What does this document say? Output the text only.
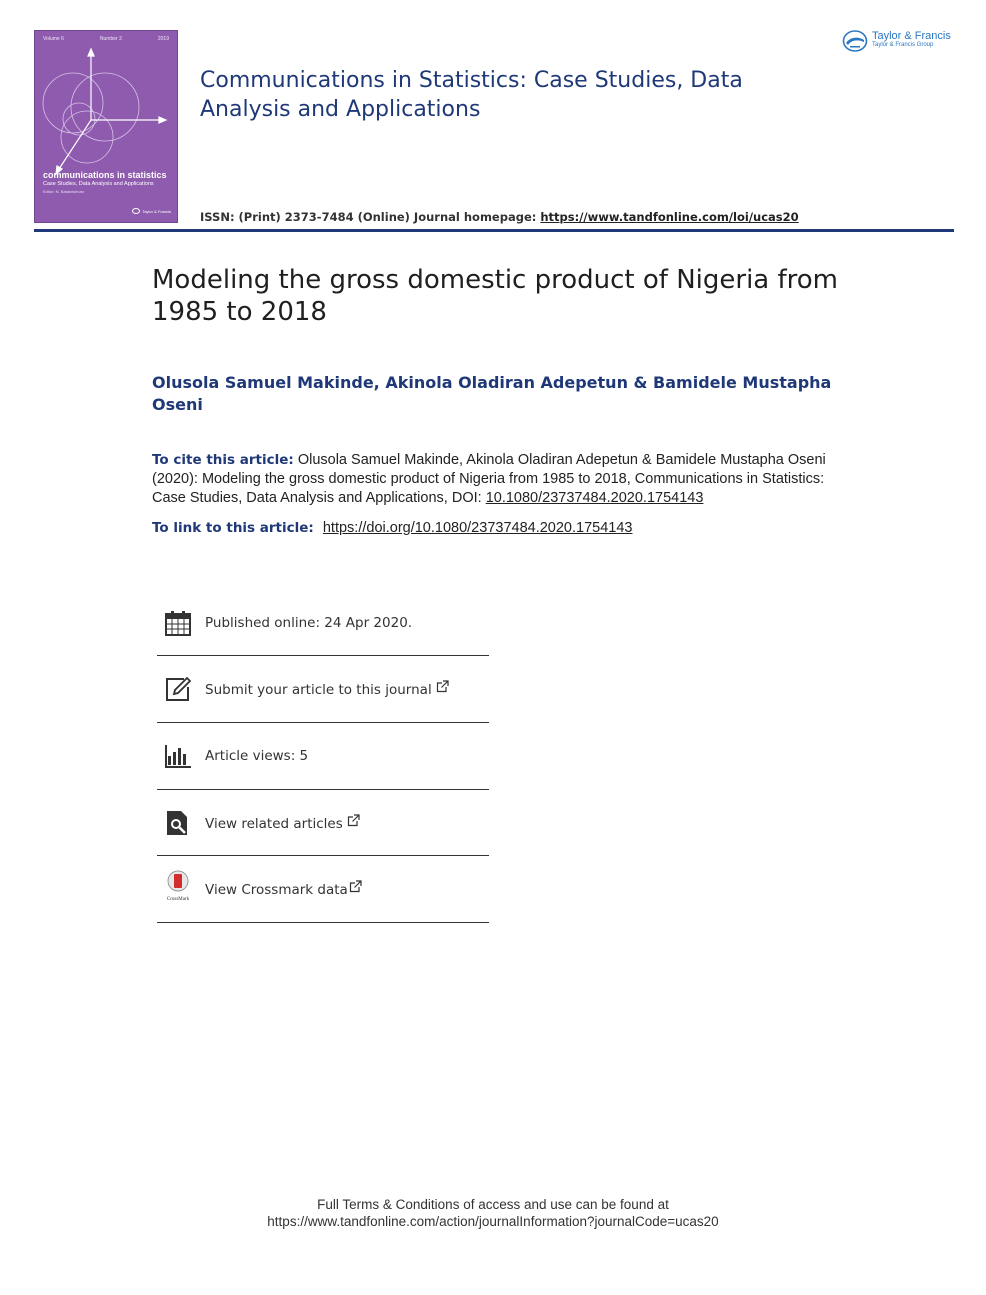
Volume 6	Number 2	2019
communications in statistics
Case Studies, Data Analysis and Applications
Editor: N. Balakrishnan
Taylor & Francis
Taylor & Francis
Taylor & Francis Group
Communications in Statistics: Case Studies, Data Analysis and Applications
ISSN: (Print) 2373-7484 (Online) Journal homepage: https://www.tandfonline.com/loi/ucas20
Modeling the gross domestic product of Nigeria from 1985 to 2018
Olusola Samuel Makinde, Akinola Oladiran Adepetun & Bamidele Mustapha Oseni
To cite this article: Olusola Samuel Makinde, Akinola Oladiran Adepetun & Bamidele Mustapha Oseni (2020): Modeling the gross domestic product of Nigeria from 1985 to 2018, Communications in Statistics: Case Studies, Data Analysis and Applications, DOI: 10.1080/23737484.2020.1754143
To link to this article: https://doi.org/10.1080/23737484.2020.1754143
Published online: 24 Apr 2020.
Submit your article to this journal
Article views: 5
View related articles
CrossMark
View Crossmark data
Full Terms & Conditions of access and use can be found at
https://www.tandfonline.com/action/journalInformation?journalCode=ucas20
